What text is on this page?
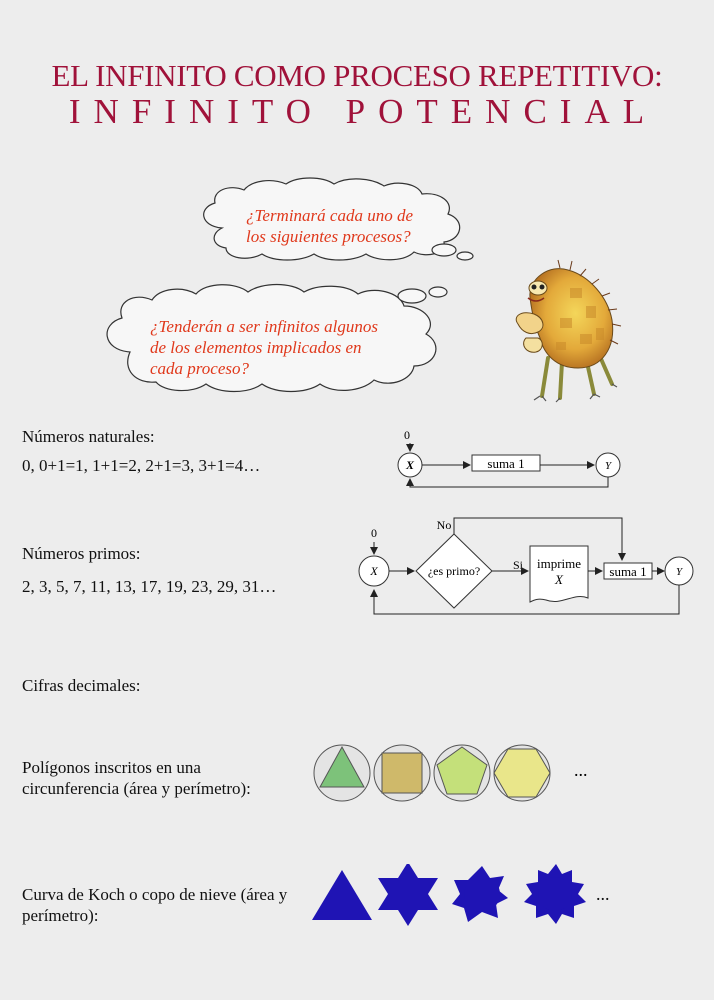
EL INFINITO COMO PROCESO REPETITIVO:
INFINITO POTENCIAL
¿Terminará cada uno de
los siguientes procesos?
¿Tenderán a ser infinitos algunos
de los elementos implicados en
cada proceso?
Números naturales:
0, 0+1=1, 1+1=2, 2+1=3, 3+1=4…
0
X	suma 1	Y
Números primos:
2, 3, 5, 7, 11, 13, 17, 19, 23, 29, 31…
0
X	¿es primo?
No
Si imprime
X
suma 1	Y
Cifras decimales:
Polígonos inscritos en una
circunferencia (área y perímetro):
...
Curva de Koch o copo de nieve (área y
perímetro):
...
